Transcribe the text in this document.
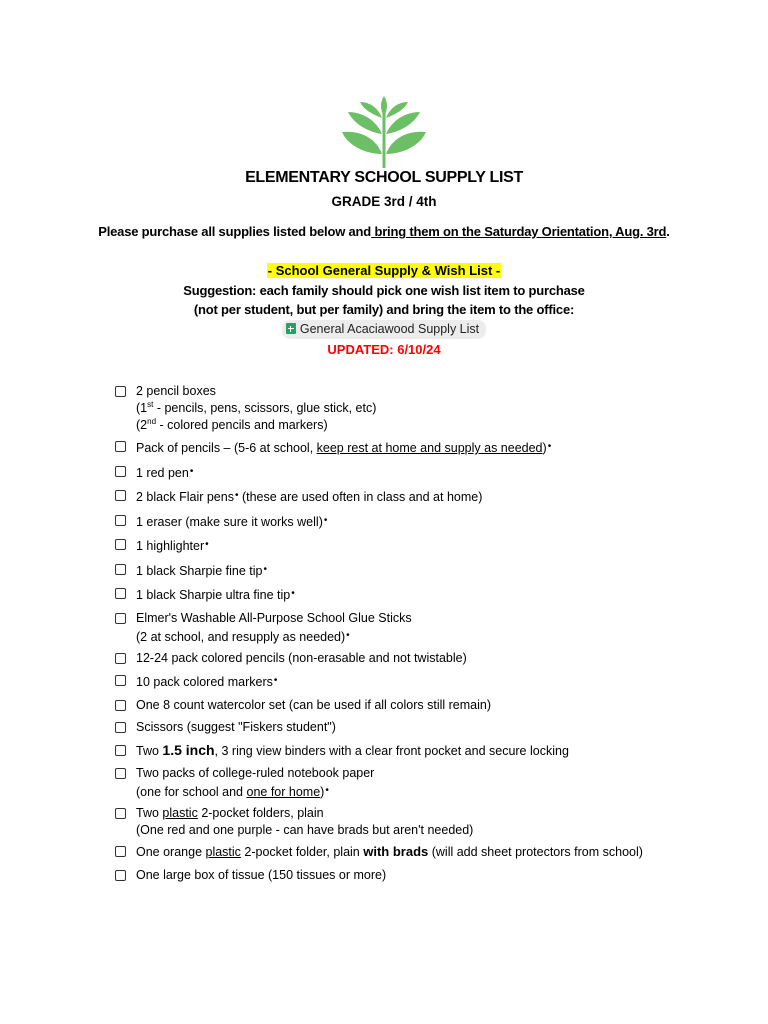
ELEMENTARY SCHOOL SUPPLY LIST
GRADE 3rd / 4th
Please purchase all supplies listed below and bring them on the Saturday Orientation, Aug. 3rd.
- School General Supply & Wish List -
Suggestion: each family should pick one wish list item to purchase
(not per student, but per family) and bring the item to the office:
General Acaciawood Supply List
UPDATED: 6/10/24
2 pencil boxes
(1st - pencils, pens, scissors, glue stick, etc)
(2nd - colored pencils and markers)
Pack of pencils – (5-6 at school, keep rest at home and supply as needed)•
1 red pen•
2 black Flair pens• (these are used often in class and at home)
1 eraser (make sure it works well)•
1 highlighter•
1 black Sharpie fine tip•
1 black Sharpie ultra fine tip•
Elmer's Washable All-Purpose School Glue Sticks
(2 at school, and resupply as needed)•
12-24 pack colored pencils (non-erasable and not twistable)
10 pack colored markers•
One 8 count watercolor set (can be used if all colors still remain)
Scissors (suggest "Fiskers student")
Two 1.5 inch, 3 ring view binders with a clear front pocket and secure locking
Two packs of college-ruled notebook paper
(one for school and one for home)•
Two plastic 2-pocket folders, plain
(One red and one purple - can have brads but aren't needed)
One orange plastic 2-pocket folder, plain with brads (will add sheet protectors from school)
One large box of tissue (150 tissues or more)
